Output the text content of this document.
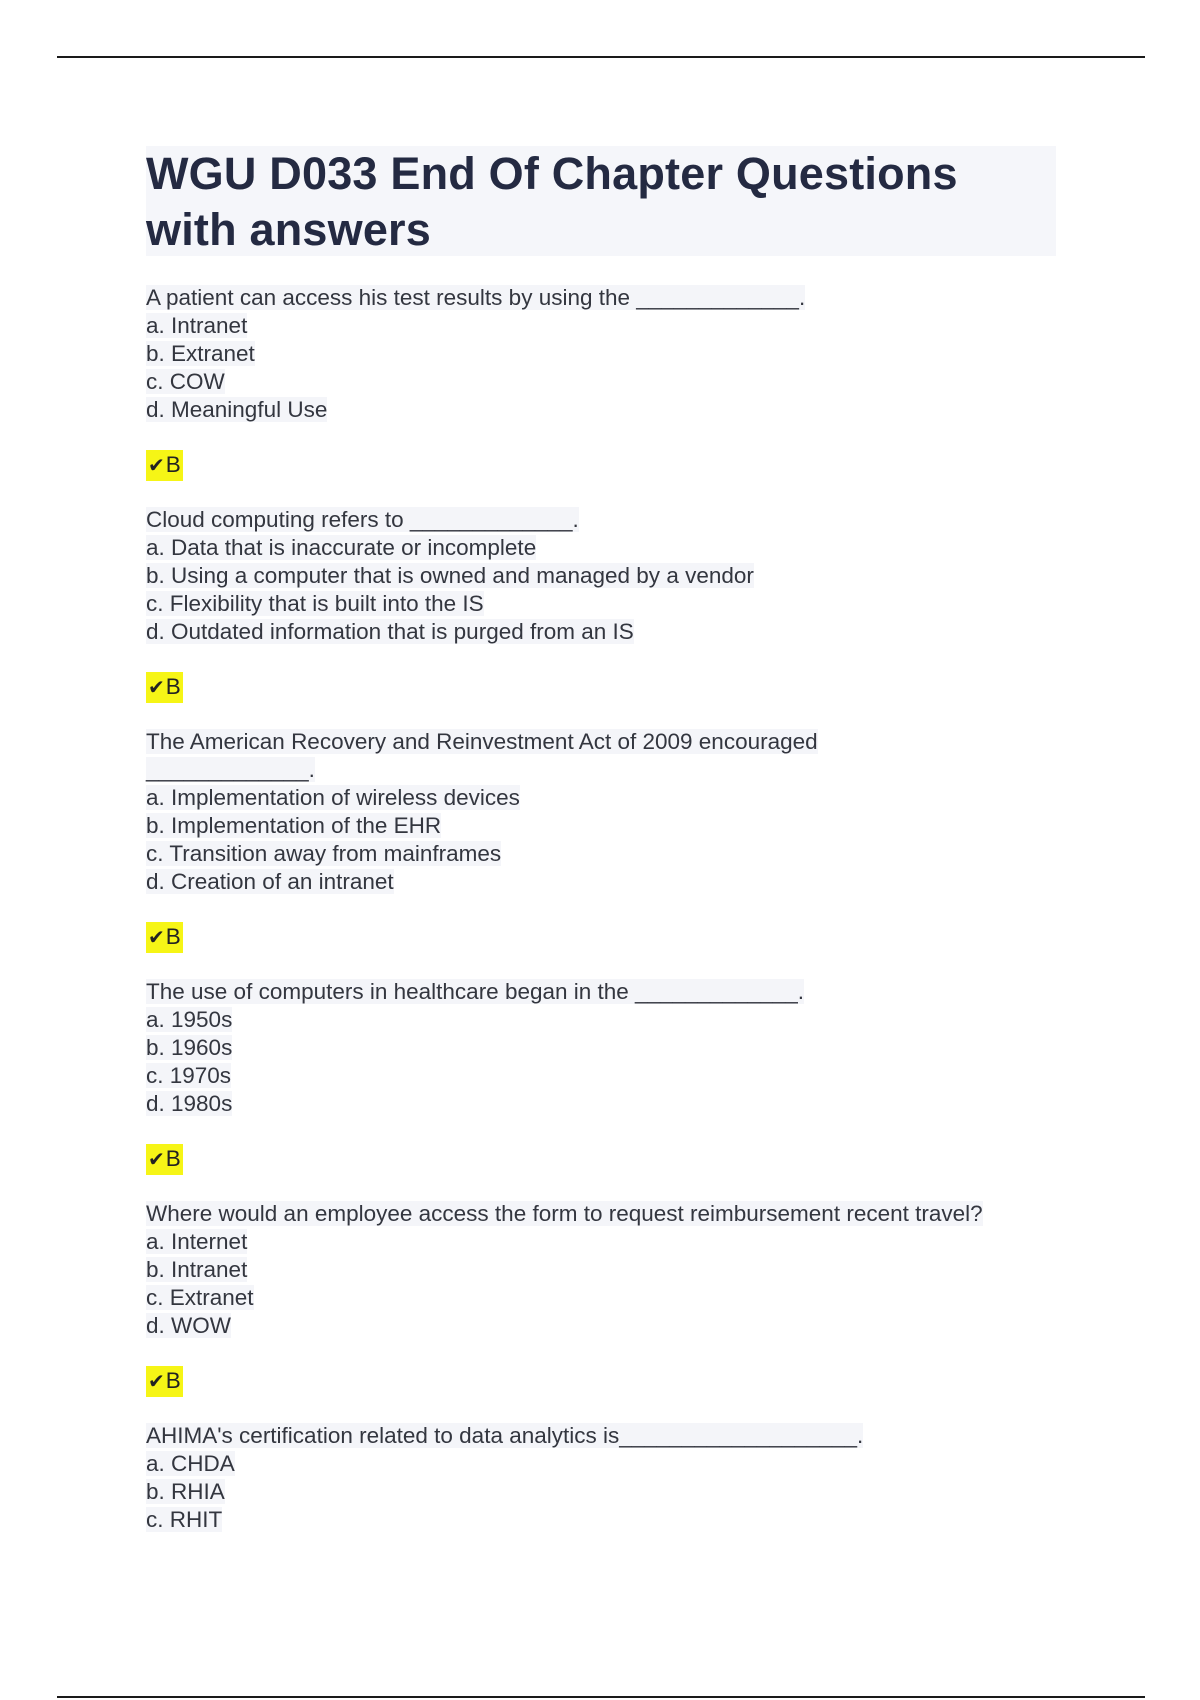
WGU D033 End Of Chapter Questions
with answers
A patient can access his test results by using the _____________.
a. Intranet
b. Extranet
c. COW
d. Meaningful Use
✔B
Cloud computing refers to _____________.
a. Data that is inaccurate or incomplete
b. Using a computer that is owned and managed by a vendor
c. Flexibility that is built into the IS
d. Outdated information that is purged from an IS
✔B
The American Recovery and Reinvestment Act of 2009 encouraged
_____________.
a. Implementation of wireless devices
b. Implementation of the EHR
c. Transition away from mainframes
d. Creation of an intranet
✔B
The use of computers in healthcare began in the _____________.
a. 1950s
b. 1960s
c. 1970s
d. 1980s
✔B
Where would an employee access the form to request reimbursement recent travel?
a. Internet
b. Intranet
c. Extranet
d. WOW
✔B
AHIMA's certification related to data analytics is___________________.
a. CHDA
b. RHIA
c. RHIT
